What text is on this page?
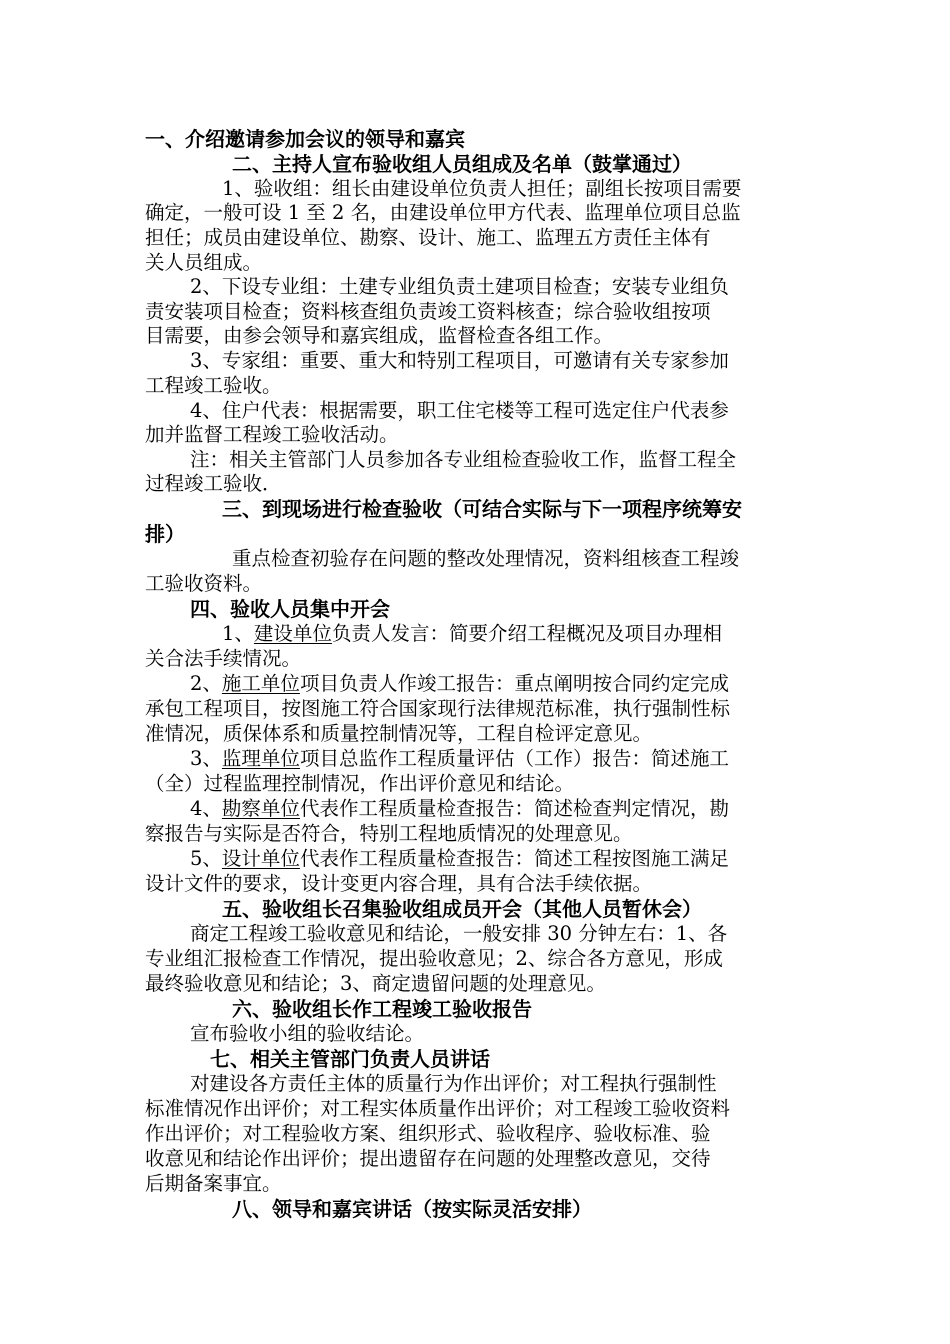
一、介绍邀请参加会议的领导和嘉宾
二、主持人宣布验收组人员组成及名单（鼓掌通过）
1、验收组：组长由建设单位负责人担任；副组长按项目需要
确定，一般可设 1 至 2 名，由建设单位甲方代表、监理单位项目总监
担任；成员由建设单位、勘察、设计、施工、监理五方责任主体有
关人员组成。
2、下设专业组：土建专业组负责土建项目检查；安装专业组负
责安装项目检查；资料核查组负责竣工资料核查；综合验收组按项
目需要，由参会领导和嘉宾组成，监督检查各组工作。
3、专家组：重要、重大和特别工程项目，可邀请有关专家参加
工程竣工验收。
4、住户代表：根据需要，职工住宅楼等工程可选定住户代表参
加并监督工程竣工验收活动。
注：相关主管部门人员参加各专业组检查验收工作，监督工程全
过程竣工验收．
三、到现场进行检查验收（可结合实际与下一项程序统筹安
排）
重点检查初验存在问题的整改处理情况，资料组核查工程竣
工验收资料。
四、验收人员集中开会
1、建设单位负责人发言：简要介绍工程概况及项目办理相
关合法手续情况。
2、施工单位项目负责人作竣工报告：重点阐明按合同约定完成
承包工程项目，按图施工符合国家现行法律规范标准，执行强制性标
准情况，质保体系和质量控制情况等，工程自检评定意见。
3、监理单位项目总监作工程质量评估（工作）报告：简述施工
（全）过程监理控制情况，作出评价意见和结论。
4、勘察单位代表作工程质量检查报告：简述检查判定情况，勘
察报告与实际是否符合，特别工程地质情况的处理意见。
5、设计单位代表作工程质量检查报告：简述工程按图施工满足
设计文件的要求，设计变更内容合理，具有合法手续依据。
五、验收组长召集验收组成员开会（其他人员暂休会）
商定工程竣工验收意见和结论，一般安排 30 分钟左右：1、各
专业组汇报检查工作情况，提出验收意见；2、综合各方意见，形成
最终验收意见和结论；3、商定遗留问题的处理意见。
六、验收组长作工程竣工验收报告
宣布验收小组的验收结论。
七、相关主管部门负责人员讲话
对建设各方责任主体的质量行为作出评价；对工程执行强制性
标准情况作出评价；对工程实体质量作出评价；对工程竣工验收资料
作出评价；对工程验收方案、组织形式、验收程序、验收标准、验
收意见和结论作出评价；提出遗留存在问题的处理整改意见，交待
后期备案事宜。
八、领导和嘉宾讲话（按实际灵活安排）
